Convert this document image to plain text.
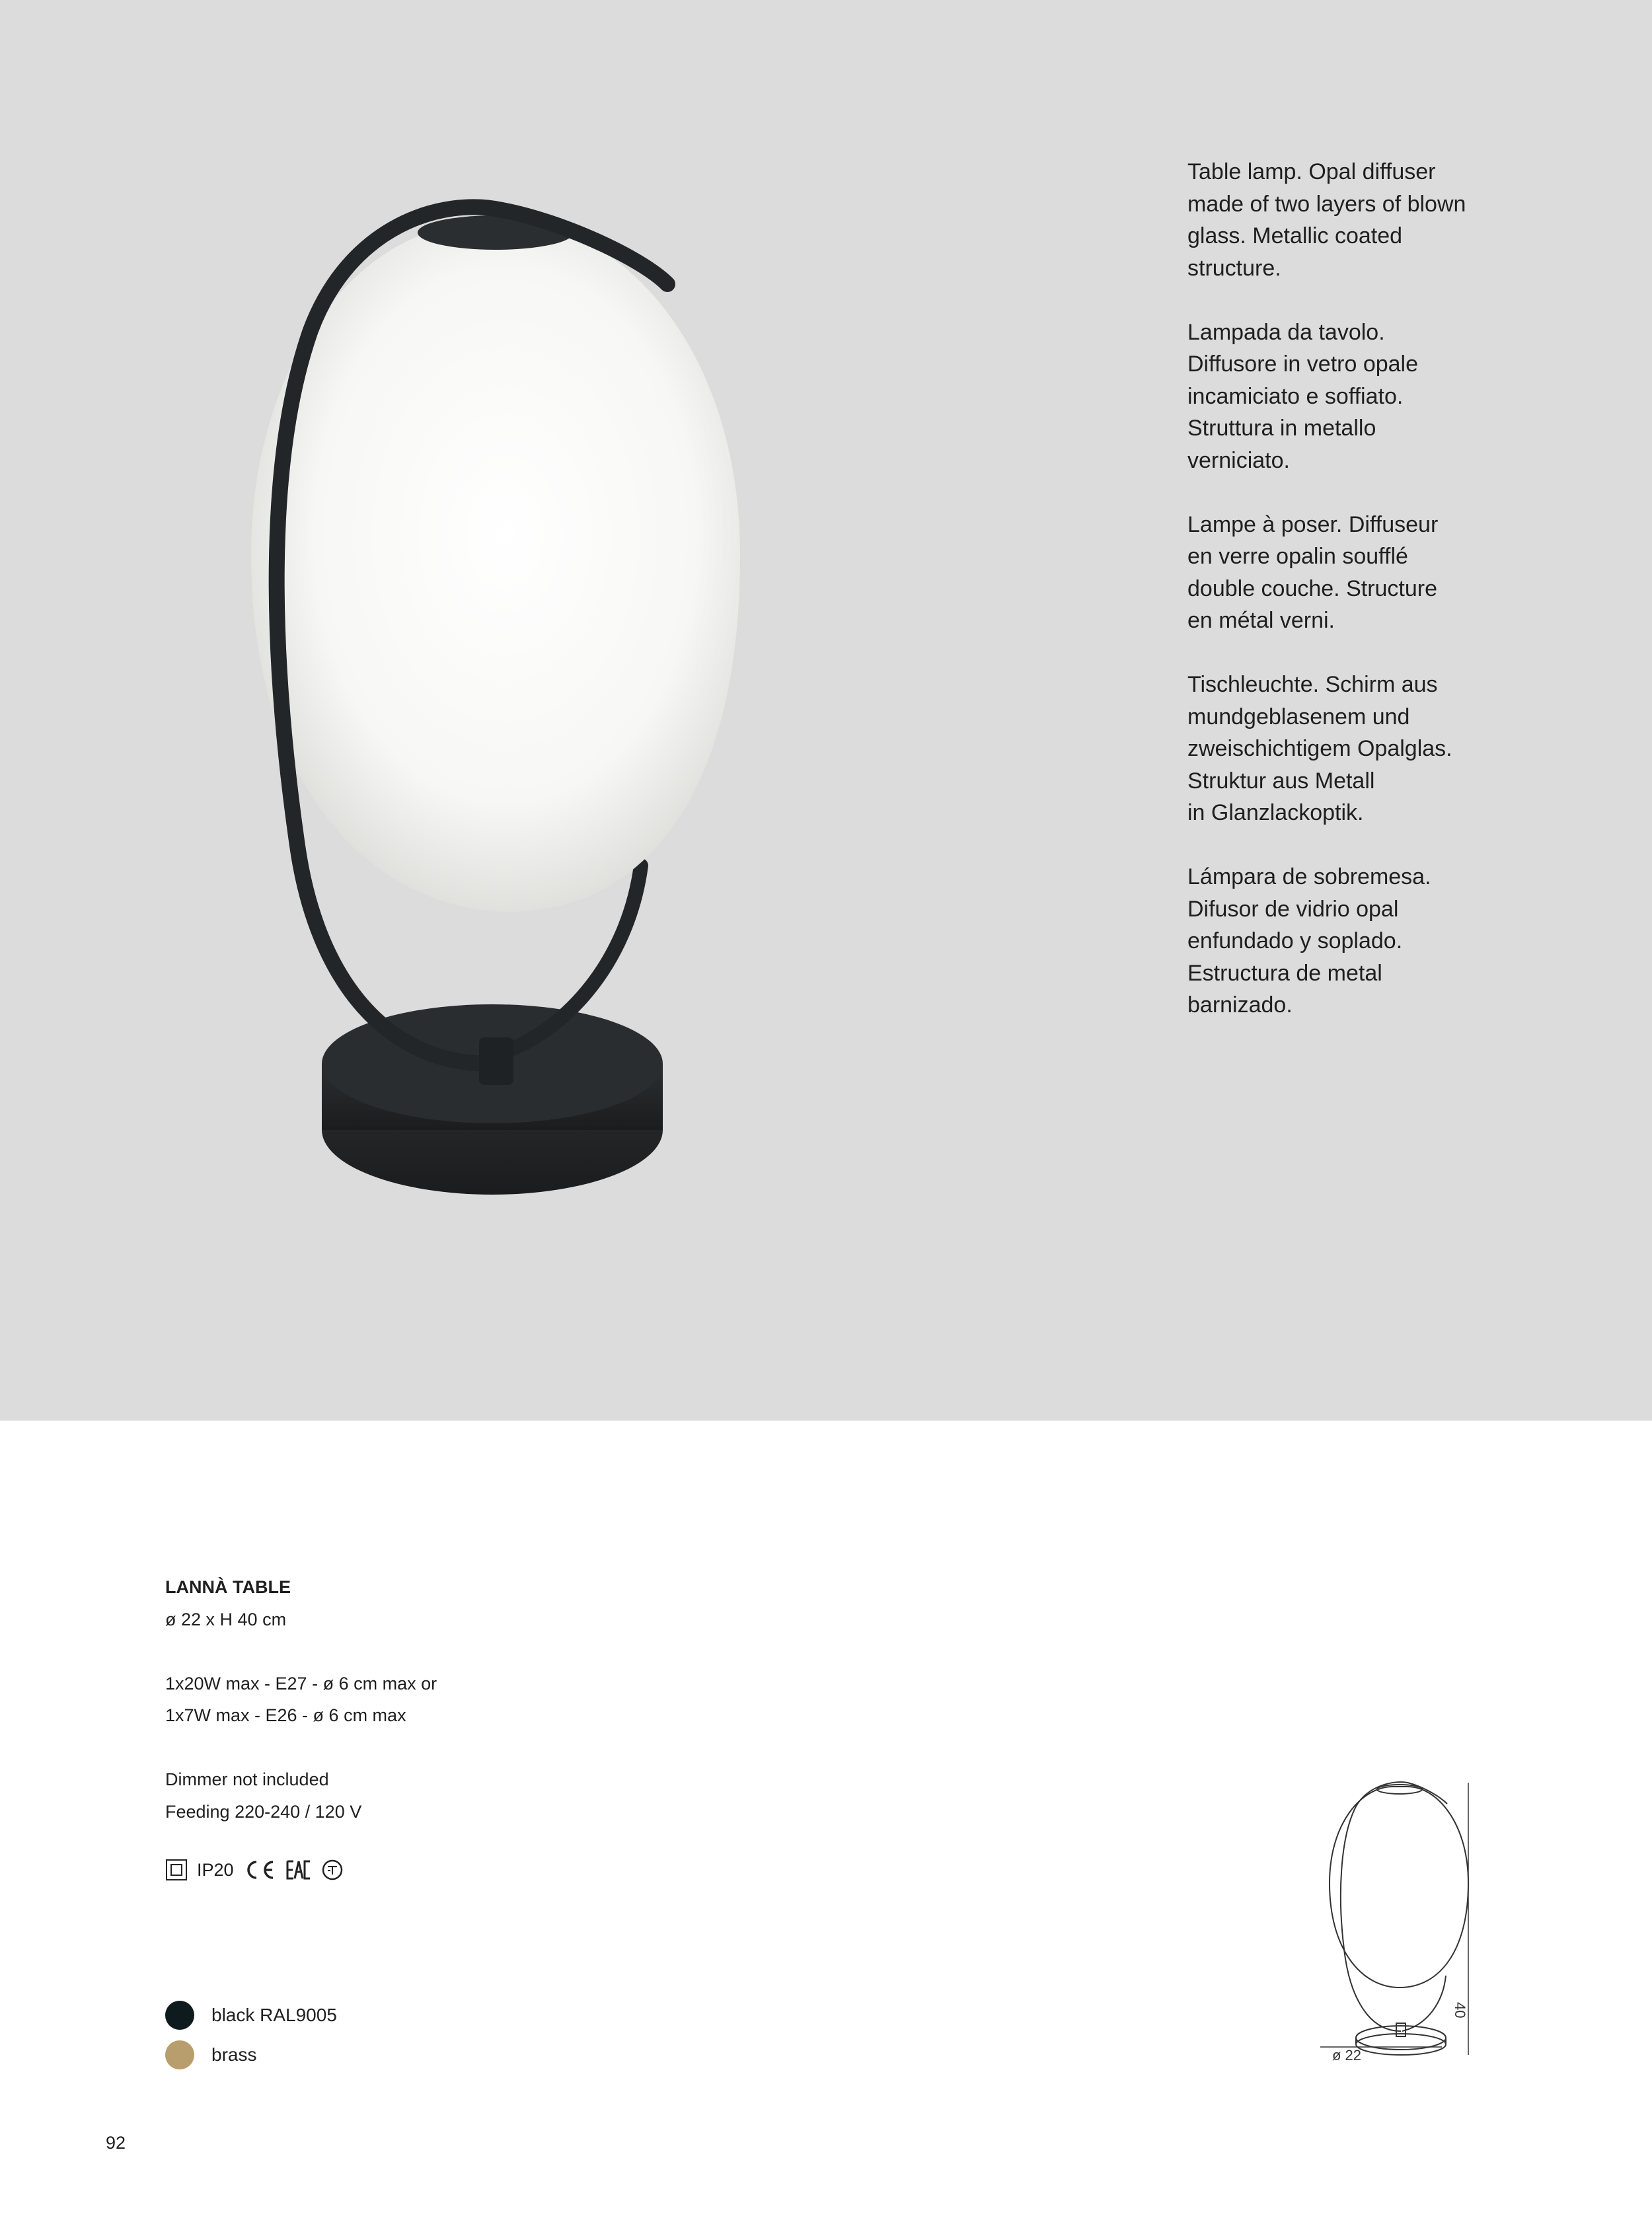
Table lamp. Opal diffuser
made of two layers of blown
glass. Metallic coated
structure.

Lampada da tavolo.
Diffusore in vetro opale
incamiciato e soffiato.
Struttura in metallo
verniciato.

Lampe à poser. Diffuseur
en verre opalin soufflé
double couche. Structure
en métal verni.

Tischleuchte. Schirm aus
mundgeblasenem und
zweischichtigem Opalglas.
Struktur aus Metall
in Glanzlackoptik.

Lámpara de sobremesa.
Difusor de vidrio opal
enfundado y soplado.
Estructura de metal
barnizado.

LANNÀ TABLE
ø 22 x H 40 cm
1x20W max - E27 - ø 6 cm max or
1x7W max - E26 - ø 6 cm max
Dimmer not included
Feeding 220-240 / 120 V
IP20
black RAL9005
brass	ø 22
40
92
